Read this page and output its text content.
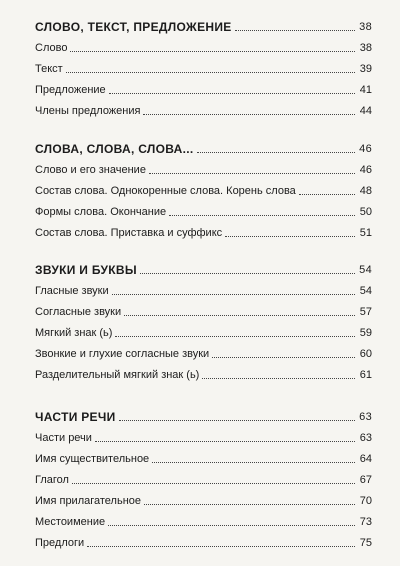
СЛОВО, ТЕКСТ, ПРЕДЛОЖЕНИЕ	38
Слово	38
Текст	39
Предложение	41
Члены предложения	44
СЛОВА, СЛОВА, СЛОВА...	46
Слово и его значение	46
Состав слова. Однокоренные слова. Корень слова	48
Формы слова. Окончание	50
Состав слова. Приставка и суффикс	51
ЗВУКИ И БУКВЫ	54
Гласные звуки	54
Согласные звуки	57
Мягкий знак (ь)	59
Звонкие и глухие согласные звуки	60
Разделительный мягкий знак (ь)	61
ЧАСТИ РЕЧИ	63
Части речи	63
Имя существительное	64
Глагол	67
Имя прилагательное	70
Местоимение	73
Предлоги	75
